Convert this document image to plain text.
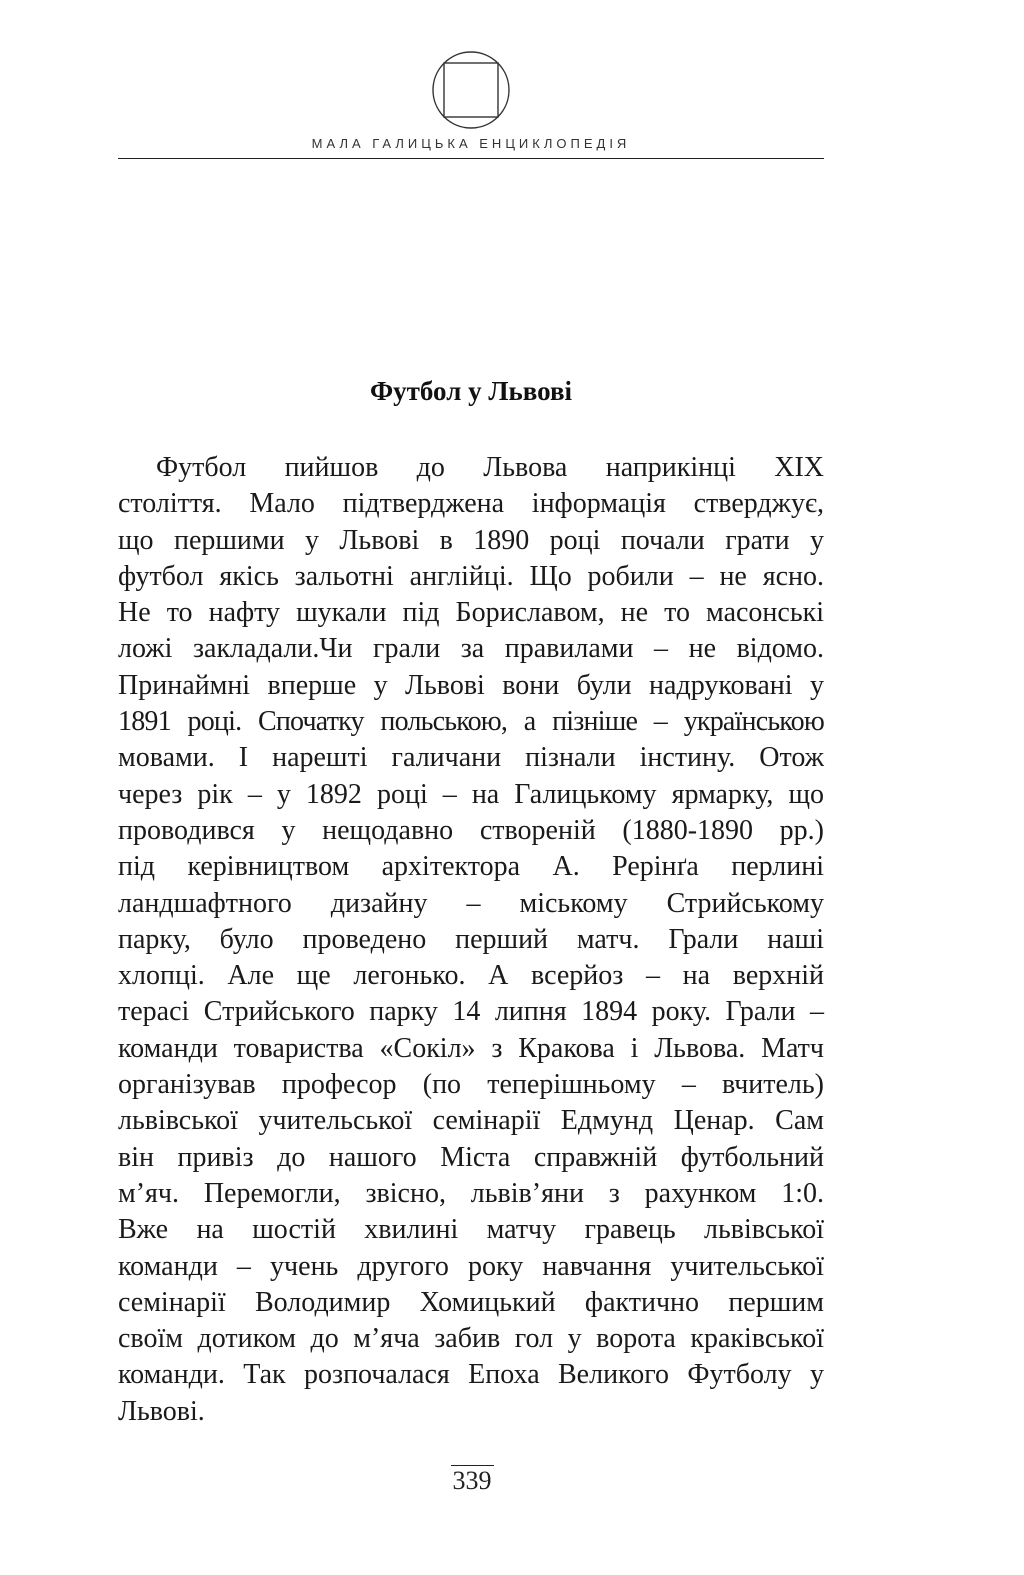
МАЛА ГАЛИЦЬКА ЕНЦИКЛОПЕДІЯ
Футбол у Львові
Футбол пийшов до Львова наприкінці XIX
століття. Мало підтверджена інформація стверджує,
що першими у Львові в 1890 році почали грати у
футбол якісь зальотні англійці. Що робили – не ясно.
Не то нафту шукали під Бориславом, не то масонські
ложі закладали.Чи грали за правилами – не відомо.
Принаймні вперше у Львові вони були надруковані у
1891 році. Спочатку польською, а пізніше – українською
мовами. І нарешті галичани пізнали інстину. Отож
через рік – у 1892 році – на Галицькому ярмарку, що
проводився у нещодавно створеній (1880-1890 рр.)
під керівництвом архітектора А. Рерінґа перлині
ландшафтного дизайну – міському Стрийському
парку, було проведено перший матч. Грали наші
хлопці. Але ще легонько. А всерйоз – на верхній
терасі Стрийського парку 14 липня 1894 року. Грали –
команди товариства «Сокіл» з Кракова і Львова. Матч
організував професор (по теперішньому – вчитель)
львівської учительської семінарії Едмунд Ценар. Сам
він привіз до нашого Міста справжній футбольний
м’яч. Перемогли, звісно, львів’яни з рахунком 1:0.
Вже на шостій хвилині матчу гравець львівської
команди – учень другого року навчання учительської
семінарії Володимир Хомицький фактично першим
своїм дотиком до м’яча забив гол у ворота краківської
команди. Так розпочалася Епоха Великого Футболу у
Львові.
339
